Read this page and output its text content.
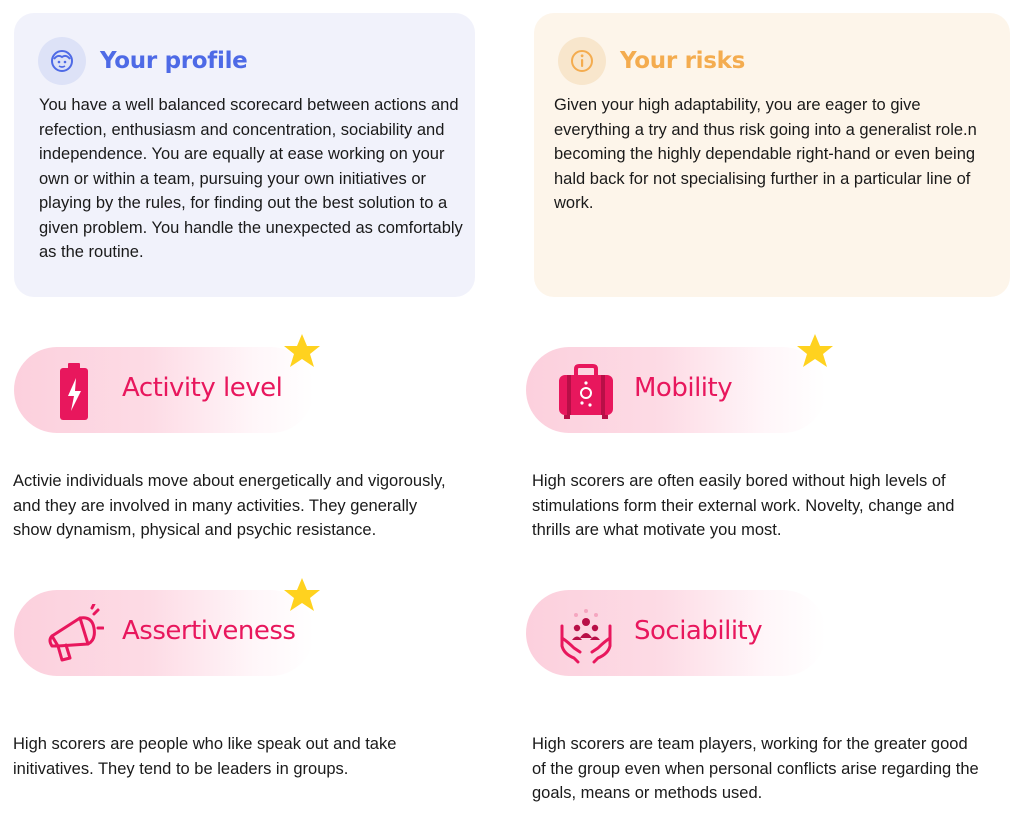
Your profile
You have a well balanced scorecard between actions and refection, enthusiasm and concentration, sociability and independence. You are equally at ease working on your own or within a team, pursuing your own initiatives or playing by the rules, for finding out the best solution to a given problem. You handle the unexpected as comfortably as the routine.
Your risks
Given your high adaptability, you are eager to give everything a try and thus risk going into a generalist role.n becoming the highly dependable right-hand or even being hald back for not specialising further in a particular line of work.
Activity level
Activie individuals move about energetically and vigorously, and they are involved in many activities. They generally show dynamism, physical and psychic resistance.
Mobility
High scorers are often easily bored without high levels of stimulations form their external work. Novelty, change and thrills are what motivate you most.
Assertiveness
High scorers are people who like speak out and take initivatives. They tend to be leaders in groups.
Sociability
High scorers are team players, working for the greater good of the group even when personal conflicts arise regarding the goals, means or methods used.
